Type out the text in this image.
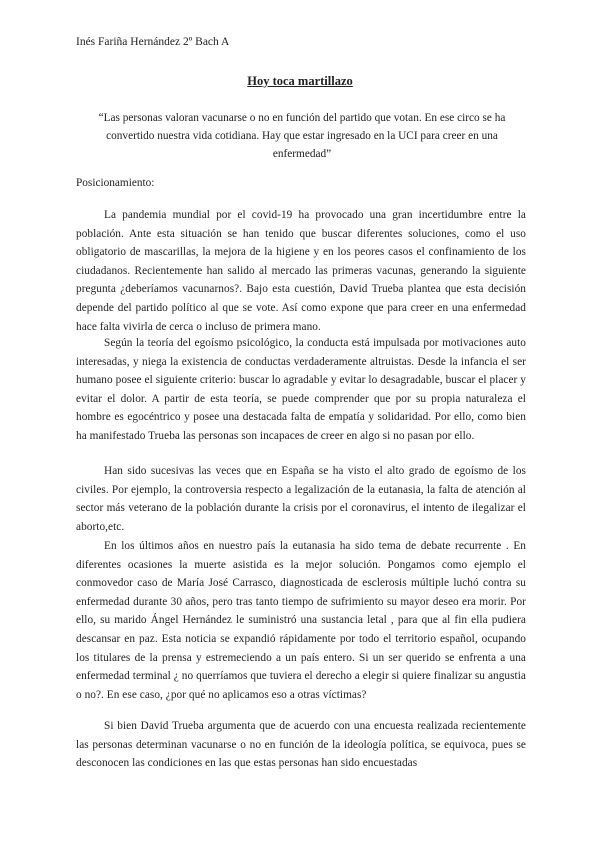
Inés Fariña Hernández 2º Bach A
Hoy toca martillazo
“Las personas valoran vacunarse o no en función del partido que votan. En ese circo se ha convertido nuestra vida cotidiana. Hay que estar ingresado en la UCI para creer en una enfermedad”
Posicionamiento:

La pandemia mundial por el covid-19 ha provocado una gran incertidumbre entre la población. Ante esta situación se han tenido que buscar diferentes soluciones, como el uso obligatorio de mascarillas, la mejora de la higiene y en los peores casos el confinamiento de los ciudadanos. Recientemente han salido al mercado las primeras vacunas, generando la siguiente pregunta ¿deberíamos vacunarnos?. Bajo esta cuestión, David Trueba plantea que esta decisión depende del partido político al que se vote. Así como expone que para creer en una enfermedad hace falta vivirla de cerca o incluso de primera mano.

Según la teoría del egoísmo psicológico, la conducta está impulsada por motivaciones auto interesadas, y niega la existencia de conductas verdaderamente altruistas. Desde la infancia el ser humano posee el siguiente criterio: buscar lo agradable y evitar lo desagradable, buscar el placer y evitar el dolor. A partir de esta teoría, se puede comprender que por su propia naturaleza el hombre es egocéntrico y posee una destacada falta de empatía y solidaridad. Por ello, como bien ha manifestado Trueba las personas son incapaces de creer en algo si no pasan por ello.

Han sido sucesivas las veces que en España se ha visto el alto grado de egoísmo de los civiles. Por ejemplo, la controversia respecto a legalización de la eutanasia, la falta de atención al sector más veterano de la población durante la crisis por el coronavirus, el intento de ilegalizar el aborto,etc.

En los últimos años en nuestro país la eutanasia ha sido tema de debate recurrente . En diferentes ocasiones la muerte asistida es la mejor solución. Pongamos como ejemplo el conmovedor caso de María José Carrasco, diagnosticada de esclerosis múltiple luchó contra su enfermedad durante 30 años, pero tras tanto tiempo de sufrimiento su mayor deseo era morir. Por ello, su marido Ángel Hernández le suministró una sustancia letal , para que al fin ella pudiera descansar en paz. Esta noticia se expandió rápidamente por todo el territorio español, ocupando los titulares de la prensa y estremeciendo a un país entero. Si un ser querido se enfrenta a una enfermedad terminal ¿ no querríamos que tuviera el derecho a elegir si quiere finalizar su angustia o no?. En ese caso, ¿por qué no aplicamos eso a otras víctimas?

Si bien David Trueba argumenta que de acuerdo con una encuesta realizada recientemente las personas determinan vacunarse o no en función de la ideología política, se equivoca, pues se desconocen las condiciones en las que estas personas han sido encuestadas
